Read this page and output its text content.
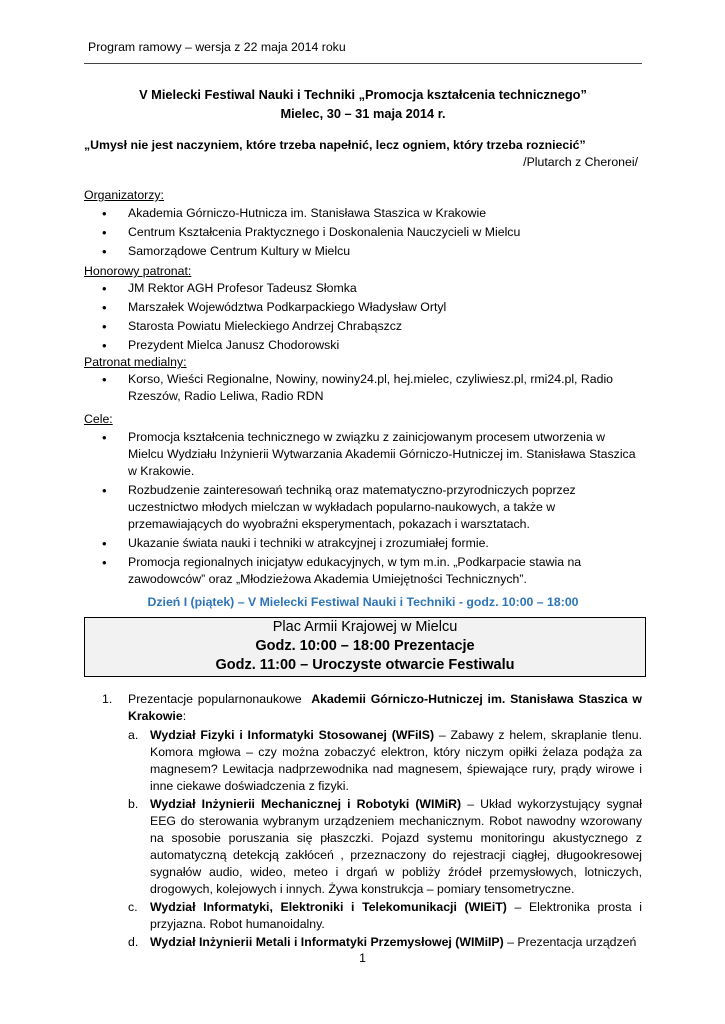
Program ramowy – wersja z 22 maja 2014 roku
V Mielecki Festiwal Nauki i Techniki „Promocja kształcenia technicznego”
Mielec, 30 – 31 maja 2014 r.
„Umysł nie jest naczyniem, które trzeba napełnić, lecz ogniem, który trzeba rozniecić”
/Plutarch z Cheronei/
Organizatorzy:
• Akademia Górniczo-Hutnicza im. Stanisława Staszica w Krakowie
• Centrum Kształcenia Praktycznego i Doskonalenia Nauczycieli w Mielcu
• Samorządowe Centrum Kultury w Mielcu
Honorowy patronat:
• JM Rektor AGH Profesor Tadeusz Słomka
• Marszałek Województwa Podkarpackiego Władysław Ortyl
• Starosta Powiatu Mieleckiego Andrzej Chrabąszcz
• Prezydent Mielca Janusz Chodorowski
Patronat medialny:
• Korso, Wieści Regionalne, Nowiny, nowiny24.pl, hej.mielec, czyliwiesz.pl, rmi24.pl, Radio Rzeszów, Radio Leliwa, Radio RDN
Cele:
• Promocja kształcenia technicznego w związku z zainicjowanym procesem utworzenia w Mielcu Wydziału Inżynierii Wytwarzania Akademii Górniczo-Hutniczej im. Stanisława Staszica w Krakowie.
• Rozbudzenie zainteresowań techniką oraz matematyczno-przyrodniczych poprzez uczestnictwo młodych mielczan w wykładach popularno-naukowych, a także w przemawiających do wyobraźni eksperymentach, pokazach i warsztatach.
• Ukazanie świata nauki i techniki w atrakcyjnej i zrozumiałej formie.
• Promocja regionalnych inicjatyw edukacyjnych, w tym m.in. „Podkarpacie stawia na zawodowców” oraz „Młodzieżowa Akademia Umiejętności Technicznych”.
Dzień I (piątek) – V Mielecki Festiwal Nauki i Techniki - godz. 10:00 – 18:00
Plac Armii Krajowej w Mielcu
Godz. 10:00 – 18:00 Prezentacje
Godz. 11:00 – Uroczyste otwarcie Festiwalu
1. Prezentacje popularnonaukowe Akademii Górniczo-Hutniczej im. Stanisława Staszica w Krakowie:
a. Wydział Fizyki i Informatyki Stosowanej (WFiIS) – Zabawy z helem, skraplanie tlenu. Komora mgłowa – czy można zobaczyć elektron, który niczym opiłki żelaza podąża za magnesem? Lewitacja nadprzewodnika nad magnesem, śpiewające rury, prądy wirowe i inne ciekawe doświadczenia z fizyki.
b. Wydział Inżynierii Mechanicznej i Robotyki (WIMiR) – Układ wykorzystujący sygnał EEG do sterowania wybranym urządzeniem mechanicznym. Robot nawodny wzorowany na sposobie poruszania się płaszczki. Pojazd systemu monitoringu akustycznego z automatyczną detekcją zakłóceń , przeznaczony do rejestracji ciągłej, długookresowej sygnałów audio, wideo, meteo i drgań w pobliży źródeł przemysłowych, lotniczych, drogowych, kolejowych i innych. Żywa konstrukcja – pomiary tensometryczne.
c. Wydział Informatyki, Elektroniki i Telekomunikacji (WIEiT) – Elektronika prosta i przyjazna. Robot humanoidalny.
d. Wydział Inżynierii Metali i Informatyki Przemysłowej (WIMiIP) – Prezentacja urządzeń
1
